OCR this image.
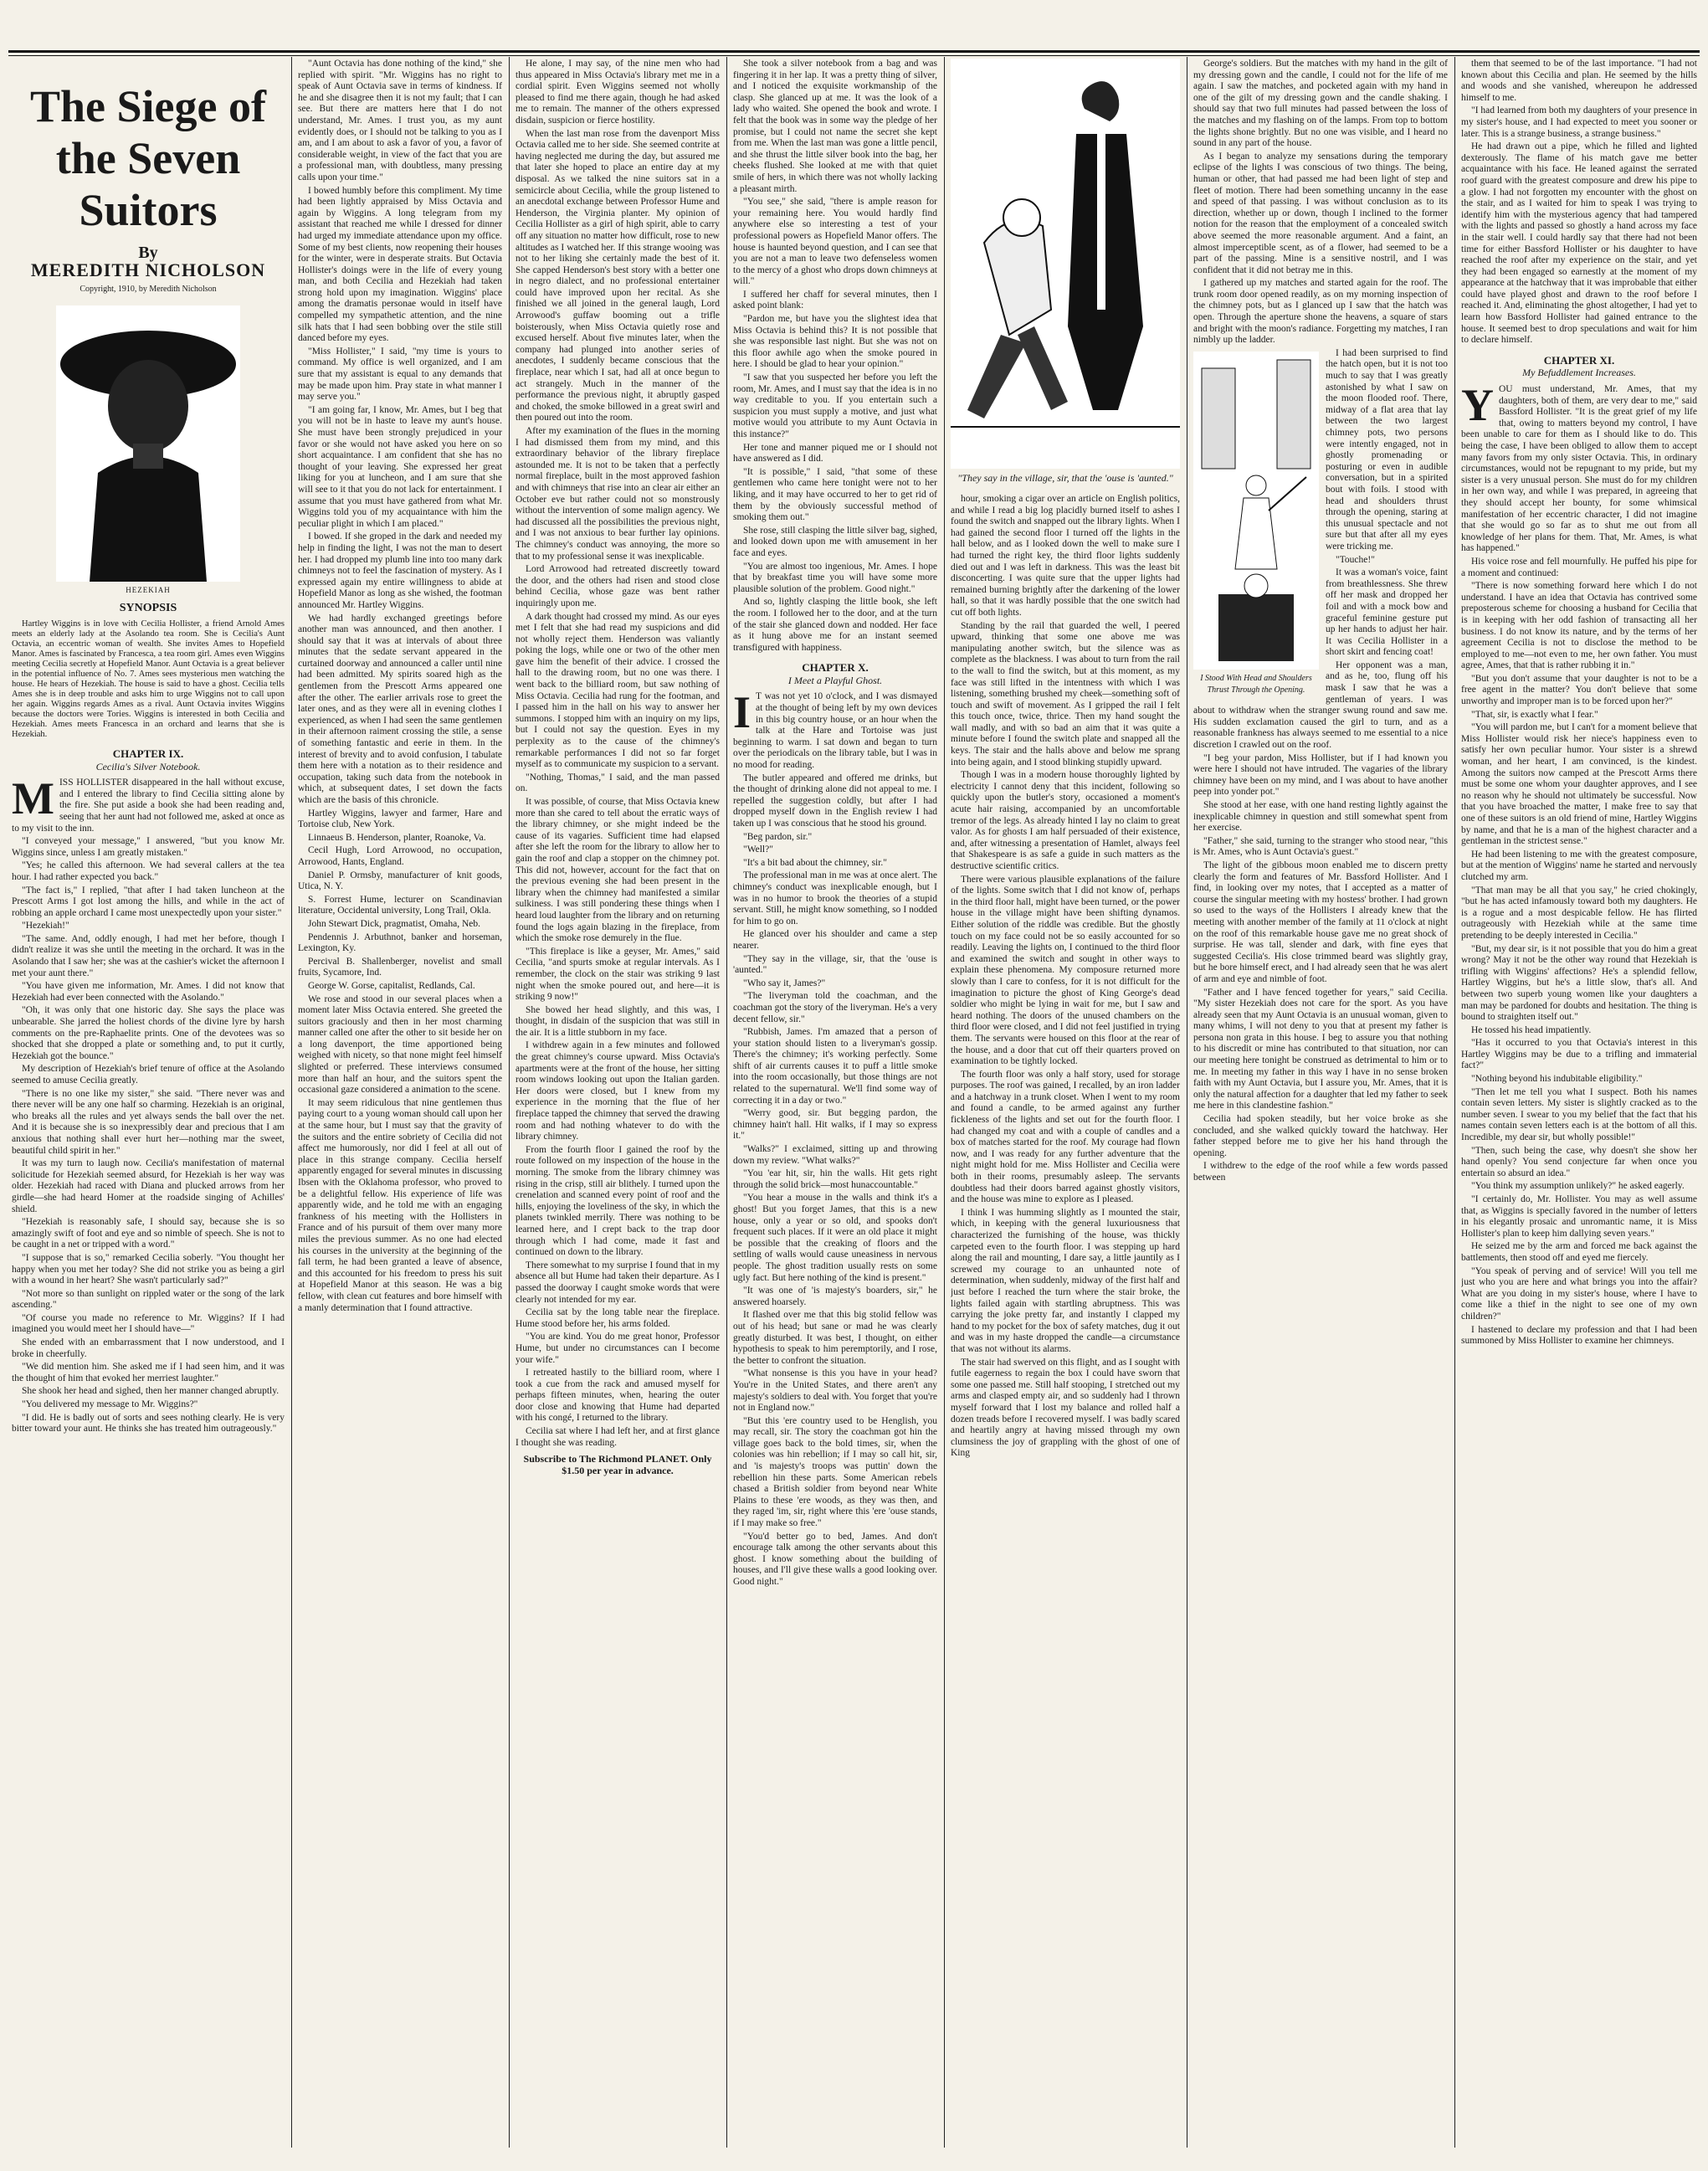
The Siege of the Seven Suitors
By
MEREDITH NICHOLSON
Copyright, 1910, by Meredith Nicholson
HEZEKIAH
SYNOPSIS

Hartley Wiggins is in love with Cecilia Hollister, a friend Arnold Ames meets an elderly lady at the Asolando tea room. She is Cecilia's Aunt Octavia, an eccentric woman of wealth. She invites Ames to Hopefield Manor. Ames is fascinated by Francesca, a tea room girl. Ames even Wiggins meeting Cecilia secretly at Hopefield Manor. Aunt Octavia is a great believer in the potential influence of No. 7. Ames sees mysterious men watching the house. He hears of Hezekiah. The house is said to have a ghost. Cecilia tells Ames she is in deep trouble and asks him to urge Wiggins not to call upon her again. Wiggins regards Ames as a rival. Aunt Octavia invites Wiggins because the doctors were Tories. Wiggins is interested in both Cecilia and Hezekiah. Ames meets Francesca in an orchard and learns that she is Hezekiah.

CHAPTER IX.
Cecilia's Silver Notebook.
M ISS HOLLISTER disappeared in the hall without excuse, and I entered the library to find Cecilia sitting alone by the fire. She put aside a book she had been reading and, seeing that her aunt had not followed me, asked at once as to my visit to the inn.

"I conveyed your message," I answered, "but you know Mr. Wiggins since, unless I am greatly mistaken."

"Yes; he called this afternoon. We had several callers at the tea hour. I had rather expected you back."

"The fact is," I replied, "that after I had taken luncheon at the Prescott Arms I got lost among the hills, and while in the act of robbing an apple orchard I came most unexpectedly upon your sister."

"Hezekiah!"

"The same. And, oddly enough, I had met her before, though I didn't realize it was she until the meeting in the orchard. It was in the Asolando that I saw her; she was at the cashier's wicket the afternoon I met your aunt there."

"You have given me information, Mr. Ames. I did not know that Hezekiah had ever been connected with the Asolando."

"Oh, it was only that one historic day. She says the place was unbearable. She jarred the holiest chords of the divine lyre by harsh comments on the pre-Raphaelite prints. One of the devotees was so shocked that she dropped a plate or something and, to put it curtly, Hezekiah got the bounce."

My description of Hezekiah's brief tenure of office at the Asolando seemed to amuse Cecilia greatly.

"There is no one like my sister," she said. "There never was and there never will be any one half so charming. Hezekiah is an original, who breaks all the rules and yet always sends the ball over the net. And it is because she is so inexpressibly dear and precious that I am anxious that nothing shall ever hurt her—nothing mar the sweet, beautiful child spirit in her."

It was my turn to laugh now. Cecilia's manifestation of maternal solicitude for Hezekiah seemed absurd, for Hezekiah is her way was older. Hezekiah had raced with Diana and plucked arrows from her girdle—she had heard Homer at the roadside singing of Achilles' shield.

"Hezekiah is reasonably safe, I should say, because she is so amazingly swift of foot and eye and so nimble of speech. She is not to be caught in a net or tripped with a word."

"I suppose that is so," remarked Cecilia soberly. "You thought her happy when you met her today? She did not strike you as being a girl with a wound in her heart? She wasn't particularly sad?"

"Not more so than sunlight on rippled water or the song of the lark ascending."

"Of course you made no reference to Mr. Wiggins? If I had imagined you would meet her I should have—"

She ended with an embarrassment that I now understood, and I broke in cheerfully.

"We did mention him. She asked me if I had seen him, and it was the thought of him that evoked her merriest laughter."

She shook her head and sighed, then her manner changed abruptly.

"You delivered my message to Mr. Wiggins?"

"I did. He is badly out of sorts and sees nothing clearly. He is very bitter toward your aunt. He thinks she has treated him outrageously."

"Aunt Octavia has done nothing of the kind," she replied with spirit. "Mr. Wiggins has no right to speak of Aunt Octavia save in terms of kindness. If he and she disagree then it is not my fault; that I can see. But there are matters here that I do not understand, Mr. Ames. I trust you, as my aunt evidently does, or I should not be talking to you as I am, and I am about to ask a favor of you, a favor of considerable weight, in view of the fact that you are a professional man, with doubtless, many pressing calls upon your time."

I bowed humbly before this compliment. My time had been lightly appraised by Miss Octavia and again by Wiggins. A long telegram from my assistant that reached me while I dressed for dinner had urged my immediate attendance upon my office. Some of my best clients, now reopening their houses for the winter, were in desperate straits. But Octavia Hollister's doings were in the life of every young man, and both Cecilia and Hezekiah had taken strong hold upon my imagination. Wiggins' place among the dramatis personae would in itself have compelled my sympathetic attention, and the nine silk hats that I had seen bobbing over the stile still danced before my eyes.

"Miss Hollister," I said, "my time is yours to command. My office is well organized, and I am sure that my assistant is equal to any demands that may be made upon him. Pray state in what manner I may serve you."

"I am going far, I know, Mr. Ames, but I beg that you will not be in haste to leave my aunt's house. She must have been strongly prejudiced in your favor or she would not have asked you here on so short acquaintance. I am confident that she has no thought of your leaving. She expressed her great liking for you at luncheon, and I am sure that she will see to it that you do not lack for entertainment. I assume that you must have gathered from what Mr. Wiggins told you of my acquaintance with him the peculiar plight in which I am placed."

I bowed. If she groped in the dark and needed my help in finding the light, I was not the man to desert her. I had dropped my plumb line into too many dark chimneys not to feel the fascination of mystery. As I expressed again my entire willingness to abide at Hopefield Manor as long as she wished, the footman announced Mr. Hartley Wiggins.

We had hardly exchanged greetings before another man was announced, and then another. I should say that it was at intervals of about three minutes that the sedate servant appeared in the curtained doorway and announced a caller until nine had been admitted. My spirits soared high as the gentlemen from the Prescott Arms appeared one after the other. The earlier arrivals rose to greet the later ones, and as they were all in evening clothes I experienced, as when I had seen the same gentlemen in their afternoon raiment crossing the stile, a sense of something fantastic and eerie in them. In the interest of brevity and to avoid confusion, I tabulate them here with a notation as to their residence and occupation, taking such data from the notebook in which, at subsequent dates, I set down the facts which are the basis of this chronicle.

Hartley Wiggins, lawyer and farmer, Hare and Tortoise club, New York.

Linnaeus B. Henderson, planter, Roanoke, Va.

Cecil Hugh, Lord Arrowood, no occupation, Arrowood, Hants, England.

Daniel P. Ormsby, manufacturer of knit goods, Utica, N. Y.

S. Forrest Hume, lecturer on Scandinavian literature, Occidental university, Long Trail, Okla.

John Stewart Dick, pragmatist, Omaha, Neb.

Pendennis J. Arbuthnot, banker and horseman, Lexington, Ky.

Percival B. Shallenberger, novelist and small fruits, Sycamore, Ind.

George W. Gorse, capitalist, Redlands, Cal.

We rose and stood in our several places when a moment later Miss Octavia entered. She greeted the suitors graciously and then in her most charming manner called one after the other to sit beside her on a long davenport, the time apportioned being weighed with nicety, so that none might feel himself slighted or preferred. These interviews consumed more than half an hour, and the suitors spent the occasional gaze considered a animation to the scene.

It may seem ridiculous that nine gentlemen thus paying court to a young woman should call upon her at the same hour, but I must say that the gravity of the suitors and the entire sobriety of Cecilia did not affect me humorously, nor did I feel at all out of place in this strange company. Cecilia herself apparently engaged for several minutes in discussing Ibsen with the Oklahoma professor, who proved to be a delightful fellow. His experience of life was apparently wide, and he told me with an engaging frankness of his meeting with the Hollisters in France and of his pursuit of them over many more miles the previous summer. As no one had elected his courses in the university at the beginning of the fall term, he had been granted a leave of absence, and this accounted for his freedom to press his suit at Hopefield Manor at this season. He was a big fellow, with clean cut features and bore himself with a manly determination that I found attractive.

He alone, I may say, of the nine men who had thus appeared in Miss Octavia's library met me in a cordial spirit. Even Wiggins seemed not wholly pleased to find me there again, though he had asked me to remain. The manner of the others expressed disdain, suspicion or fierce hostility.

When the last man rose from the davenport Miss Octavia called me to her side. She seemed contrite at having neglected me during the day, but assured me that later she hoped to place an entire day at my disposal. As we talked the nine suitors sat in a semicircle about Cecilia, while the group listened to an anecdotal exchange between Professor Hume and Henderson, the Virginia planter. My opinion of Cecilia Hollister as a girl of high spirit, able to carry off any situation no matter how difficult, rose to new altitudes as I watched her. If this strange wooing was not to her liking she certainly made the best of it. She capped Henderson's best story with a better one in negro dialect, and no professional entertainer could have improved upon her recital. As she finished we all joined in the general laugh, Lord Arrowood's guffaw booming out a trifle boisterously, when Miss Octavia quietly rose and excused herself. About five minutes later, when the company had plunged into another series of anecdotes, I suddenly became conscious that the fireplace, near which I sat, had all at once begun to act strangely. Much in the manner of the performance the previous night, it abruptly gasped and choked, the smoke billowed in a great swirl and then poured out into the room.

After my examination of the flues in the morning I had dismissed them from my mind, and this extraordinary behavior of the library fireplace astounded me. It is not to be taken that a perfectly normal fireplace, built in the most approved fashion and with chimneys that rise into an clear air either an October eve but rather could not so monstrously without the intervention of some malign agency. We had discussed all the possibilities the previous night, and I was not anxious to bear further lay opinions. The chimney's conduct was annoying, the more so that to my professional sense it was inexplicable.

Lord Arrowood had retreated discreetly toward the door, and the others had risen and stood close behind Cecilia, whose gaze was bent rather inquiringly upon me.

A dark thought had crossed my mind. As our eyes met I felt that she had read my suspicions and did not wholly reject them. Henderson was valiantly poking the logs, while one or two of the other men gave him the benefit of their advice. I crossed the hall to the drawing room, but no one was there. I went back to the billiard room, but saw nothing of Miss Octavia. Cecilia had rung for the footman, and I passed him in the hall on his way to answer her summons. I stopped him with an inquiry on my lips, but I could not say the question. Eyes in my perplexity as to the cause of the chimney's remarkable performances I did not so far forget myself as to communicate my suspicion to a servant.

"Nothing, Thomas," I said, and the man passed on.

It was possible, of course, that Miss Octavia knew more than she cared to tell about the erratic ways of the library chimney, or she might indeed be the cause of its vagaries. Sufficient time had elapsed after she left the room for the library to allow her to gain the roof and clap a stopper on the chimney pot. This did not, however, account for the fact that on the previous evening she had been present in the library when the chimney had manifested a similar sulkiness. I was still pondering these things when I heard loud laughter from the library and on returning found the logs again blazing in the fireplace, from which the smoke rose demurely in the flue.

"This fireplace is like a geyser, Mr. Ames," said Cecilia, "and spurts smoke at regular intervals. As I remember, the clock on the stair was striking 9 last night when the smoke poured out, and here—it is striking 9 now!"

She bowed her head slightly, and this was, I thought, in disdain of the suspicion that was still in the air. It is a little stubborn in my face.

I withdrew again in a few minutes and followed the great chimney's course upward. Miss Octavia's apartments were at the front of the house, her sitting room windows looking out upon the Italian garden. Her doors were closed, but I knew from my experience in the morning that the flue of her fireplace tapped the chimney that served the drawing room and had nothing whatever to do with the library chimney.

From the fourth floor I gained the roof by the route followed on my inspection of the house in the morning. The smoke from the library chimney was rising in the crisp, still air blithely. I turned upon the crenelation and scanned every point of roof and the hills, enjoying the loveliness of the sky, in which the planets twinkled merrily. There was nothing to be learned here, and I crept back to the trap door through which I had come, made it fast and continued on down to the library.

There somewhat to my surprise I found that in my absence all but Hume had taken their departure. As I passed the doorway I caught smoke words that were clearly not intended for my ear.

Cecilia sat by the long table near the fireplace. Hume stood before her, his arms folded.

"You are kind. You do me great honor, Professor Hume, but under no circumstances can I become your wife."

I retreated hastily to the billiard room, where I took a cue from the rack and amused myself for perhaps fifteen minutes, when, hearing the outer door close and knowing that Hume had departed with his congé, I returned to the library.

Cecilia sat where I had left her, and at first glance I thought she was reading.

Subscribe to The Richmond PLANET. Only $1.50 per year in advance.

She took a silver notebook from a bag and was fingering it in her lap. It was a pretty thing of silver, and I noticed the exquisite workmanship of the clasp. She glanced up at me. It was the look of a lady who waited. She opened the book and wrote. I felt that the book was in some way the pledge of her promise, but I could not name the secret she kept from me. When the last man was gone a little pencil, and she thrust the little silver book into the bag, her cheeks flushed. She looked at me with that quiet smile of hers, in which there was not wholly lacking a pleasant mirth.

"You see," she said, "there is ample reason for your remaining here. You would hardly find anywhere else so interesting a test of your professional powers as Hopefield Manor offers. The house is haunted beyond question, and I can see that you are not a man to leave two defenseless women to the mercy of a ghost who drops down chimneys at will."

I suffered her chaff for several minutes, then I asked point blank:

"Pardon me, but have you the slightest idea that Miss Octavia is behind this? It is not possible that she was responsible last night. But she was not on this floor awhile ago when the smoke poured in here. I should be glad to hear your opinion."

"I saw that you suspected her before you left the room, Mr. Ames, and I must say that the idea is in no way creditable to you. If you entertain such a suspicion you must supply a motive, and just what motive would you attribute to my Aunt Octavia in this instance?"

Her tone and manner piqued me or I should not have answered as I did.

"It is possible," I said, "that some of these gentlemen who came here tonight were not to her liking, and it may have occurred to her to get rid of them by the obviously successful method of smoking them out."

She rose, still clasping the little silver bag, sighed, and looked down upon me with amusement in her face and eyes.

"You are almost too ingenious, Mr. Ames. I hope that by breakfast time you will have some more plausible solution of the problem. Good night."

And so, lightly clasping the little book, she left the room. I followed her to the door, and at the turn of the stair she glanced down and nodded. Her face as it hung above me for an instant seemed transfigured with happiness.

CHAPTER X.
I Meet a Playful Ghost.
I T was not yet 10 o'clock, and I was dismayed at the thought of being left by my own devices in this big country house, or an hour when the talk at the Hare and Tortoise was just beginning to warm. I sat down and began to turn over the periodicals on the library table, but I was in no mood for reading.

The butler appeared and offered me drinks, but the thought of drinking alone did not appeal to me. I repelled the suggestion coldly, but after I had dropped myself down in the English review I had taken up I was conscious that he stood his ground.

"Beg pardon, sir."

"Well?"

"It's a bit bad about the chimney, sir."

The professional man in me was at once alert. The chimney's conduct was inexplicable enough, but I was in no humor to brook the theories of a stupid servant. Still, he might know something, so I nodded for him to go on.

He glanced over his shoulder and came a step nearer.

"They say in the village, sir, that the 'ouse is 'aunted."

"Who say it, James?"

"The liveryman told the coachman, and the coachman got the story of the liveryman. He's a very decent fellow, sir."

"Rubbish, James. I'm amazed that a person of your station should listen to a liveryman's gossip. There's the chimney; it's working perfectly. Some shift of air currents causes it to puff a little smoke into the room occasionally, but those things are not related to the supernatural. We'll find some way of correcting it in a day or two."

"Werry good, sir. But begging pardon, the chimney hain't hall. Hit walks, if I may so express it."

"Walks?" I exclaimed, sitting up and throwing down my review. "What walks?"

"You 'ear hit, sir, hin the walls. Hit gets right through the solid brick—most hunaccountable."

"You hear a mouse in the walls and think it's a ghost! But you forget James, that this is a new house, only a year or so old, and spooks don't frequent such places. If it were an old place it might be possible that the creaking of floors and the settling of walls would cause uneasiness in nervous people. The ghost tradition usually rests on some ugly fact. But here nothing of the kind is present."

"It was one of 'is majesty's boarders, sir," he answered hoarsely.

It flashed over me that this big stolid fellow was out of his head; but sane or mad he was clearly greatly disturbed. It was best, I thought, on either hypothesis to speak to him peremptorily, and I rose, the better to confront the situation.

"What nonsense is this you have in your head? You're in the United States, and there aren't any majesty's soldiers to deal with. You forget that you're not in England now."

"But this 'ere country used to be Henglish, you may recall, sir. The story the coachman got hin the village goes back to the bold times, sir, when the colonies was hin rebellion; if I may so call hit, sir, and 'is majesty's troops was puttin' down the rebellion hin these parts. Some American rebels chased a British soldier from beyond near White Plains to these 'ere woods, as they was then, and they raged 'im, sir, right where this 'ere 'ouse stands, if I may make so free."

"You'd better go to bed, James. And don't encourage talk among the other servants about this ghost. I know something about the building of houses, and I'll give these walls a good looking over. Good night."

"They say in the village, sir, that the 'ouse is 'aunted."

hour, smoking a cigar over an article on English politics, and while I read a big log placidly burned itself to ashes I found the switch and snapped out the library lights. When I had gained the second floor I turned off the lights in the hall below, and as I looked down the well to make sure I had turned the right key, the third floor lights suddenly died out and I was left in darkness. This was the least bit disconcerting. I was quite sure that the upper lights had remained burning brightly after the darkening of the lower hall, so that it was hardly possible that the one switch had cut off both lights.

Standing by the rail that guarded the well, I peered upward, thinking that some one above me was manipulating another switch, but the silence was as complete as the blackness. I was about to turn from the rail to the wall to find the switch, but at this moment, as my face was still lifted in the intentness with which I was listening, something brushed my cheek—something soft of touch and swift of movement. As I gripped the rail I felt this touch once, twice, thrice. Then my hand sought the wall madly, and with so bad an aim that it was quite a minute before I found the switch plate and snapped all the keys. The stair and the halls above and below me sprang into being again, and I stood blinking stupidly upward.

Though I was in a modern house thoroughly lighted by electricity I cannot deny that this incident, following so quickly upon the butler's story, occasioned a moment's acute hair raising, accompanied by an uncomfortable tremor of the legs. As already hinted I lay no claim to great valor. As for ghosts I am half persuaded of their existence, and, after witnessing a presentation of Hamlet, always feel that Shakespeare is as safe a guide in such matters as the destructive scientific critics.

There were various plausible explanations of the failure of the lights. Some switch that I did not know of, perhaps in the third floor hall, might have been turned, or the power house in the village might have been shifting dynamos. Either solution of the riddle was credible. But the ghostly touch on my face could not be so easily accounted for so readily. Leaving the lights on, I continued to the third floor and examined the switch and sought in other ways to explain these phenomena. My composure returned more slowly than I care to confess, for it is not difficult for the imagination to picture the ghost of King George's dead soldier who might be lying in wait for me, but I saw and heard nothing. The doors of the unused chambers on the third floor were closed, and I did not feel justified in trying them. The servants were housed on this floor at the rear of the house, and a door that cut off their quarters proved on examination to be tightly locked.

The fourth floor was only a half story, used for storage purposes. The roof was gained, I recalled, by an iron ladder and a hatchway in a trunk closet. When I went to my room and found a candle, to be armed against any further fickleness of the lights and set out for the fourth floor. I had changed my coat and with a couple of candles and a box of matches started for the roof. My courage had flown now, and I was ready for any further adventure that the night might hold for me. Miss Hollister and Cecilia were both in their rooms, presumably asleep. The servants doubtless had their doors barred against ghostly visitors, and the house was mine to explore as I pleased.

I think I was humming slightly as I mounted the stair, which, in keeping with the general luxuriousness that characterized the furnishing of the house, was thickly carpeted even to the fourth floor. I was stepping up hard along the rail and mounting, I dare say, a little jauntily as I screwed my courage to an unhaunted note of determination, when suddenly, midway of the first half and just before I reached the turn where the stair broke, the lights failed again with startling abruptness. This was carrying the joke pretty far, and instantly I clapped my hand to my pocket for the box of safety matches, dug it out and was in my haste dropped the candle—a circumstance that was not without its alarms.

The stair had swerved on this flight, and as I sought with futile eagerness to regain the box I could have sworn that some one passed me. Still half stooping, I stretched out my arms and clasped empty air, and so suddenly had I thrown myself forward that I lost my balance and rolled half a dozen treads before I recovered myself. I was badly scared and heartily angry at having missed through my own clumsiness the joy of grappling with the ghost of one of King

George's soldiers. But the matches with my hand in the gilt of my dressing gown and the candle, I could not for the life of me again. I saw the matches, and pocketed again with my hand in one of the gilt of my dressing gown and the candle shaking. I should say that two full minutes had passed between the loss of the matches and my flashing on of the lamps. From top to bottom the lights shone brightly. But no one was visible, and I heard no sound in any part of the house.

As I began to analyze my sensations during the temporary eclipse of the lights I was conscious of two things. The being, human or other, that had passed me had been light of step and fleet of motion. There had been something uncanny in the ease and speed of that passing. I was without conclusion as to its direction, whether up or down, though I inclined to the former notion for the reason that the employment of a concealed switch above seemed the more reasonable argument. And a faint, an almost imperceptible scent, as of a flower, had seemed to be a part of the passing. Mine is a sensitive nostril, and I was confident that it did not betray me in this.

I gathered up my matches and started again for the roof. The trunk room door opened readily, as on my morning inspection of the chimney pots, but as I glanced up I saw that the hatch was open. Through the aperture shone the heavens, a square of stars and bright with the moon's radiance. Forgetting my matches, I ran nimbly up the ladder.

I Stood With Head and Shoulders Thrust Through the Opening.

I had been surprised to find the hatch open, but it is not too much to say that I was greatly astonished by what I saw on the moon flooded roof. There, midway of a flat area that lay between the two largest chimney pots, two persons were intently engaged, not in ghostly promenading or posturing or even in audible conversation, but in a spirited bout with foils. I stood with head and shoulders thrust through the opening, staring at this unusual spectacle and not sure but that after all my eyes were tricking me.

"Touche!"

It was a woman's voice, faint from breathlessness. She threw off her mask and dropped her foil and with a mock bow and graceful feminine gesture put up her hands to adjust her hair. It was Cecilia Hollister in a short skirt and fencing coat!

Her opponent was a man, and as he, too, flung off his mask I saw that he was a gentleman of years. I was about to withdraw when the stranger swung round and saw me. His sudden exclamation caused the girl to turn, and as a reasonable frankness has always seemed to me essential to a nice discretion I crawled out on the roof.

"I beg your pardon, Miss Hollister, but if I had known you were here I should not have intruded. The vagaries of the library chimney have been on my mind, and I was about to have another peep into yonder pot."

She stood at her ease, with one hand resting lightly against the inexplicable chimney in question and still somewhat spent from her exercise.

"Father," she said, turning to the stranger who stood near, "this is Mr. Ames, who is Aunt Octavia's guest."

The light of the gibbous moon enabled me to discern pretty clearly the form and features of Mr. Bassford Hollister. And I find, in looking over my notes, that I accepted as a matter of course the singular meeting with my hostess' brother. I had grown so used to the ways of the Hollisters I already knew that the meeting with another member of the family at 11 o'clock at night on the roof of this remarkable house gave me no great shock of surprise. He was tall, slender and dark, with fine eyes that suggested Cecilia's. His close trimmed beard was slightly gray, but he bore himself erect, and I had already seen that he was alert of arm and eye and nimble of foot.

"Father and I have fenced together for years," said Cecilia. "My sister Hezekiah does not care for the sport. As you have already seen that my Aunt Octavia is an unusual woman, given to many whims, I will not deny to you that at present my father is persona non grata in this house. I beg to assure you that nothing to his discredit or mine has contributed to that situation, nor can our meeting here tonight be construed as detrimental to him or to me. In meeting my father in this way I have in no sense broken faith with my Aunt Octavia, but I assure you, Mr. Ames, that it is only the natural affection for a daughter that led my father to seek me here in this clandestine fashion."

Cecilia had spoken steadily, but her voice broke as she concluded, and she walked quickly toward the hatchway. Her father stepped before me to give her his hand through the opening.

I withdrew to the edge of the roof while a few words passed between

them that seemed to be of the last importance. "I had not known about this Cecilia and plan. He seemed by the hills and woods and she vanished, whereupon he addressed himself to me.

"I had learned from both my daughters of your presence in my sister's house, and I had expected to meet you sooner or later. This is a strange business, a strange business."

He had drawn out a pipe, which he filled and lighted dexterously. The flame of his match gave me better acquaintance with his face. He leaned against the serrated roof guard with the greatest composure and drew his pipe to a glow. I had not forgotten my encounter with the ghost on the stair, and as I waited for him to speak I was trying to identify him with the mysterious agency that had tampered with the lights and passed so ghostly a hand across my face in the stair well. I could hardly say that there had not been time for either Bassford Hollister or his daughter to have reached the roof after my experience on the stair, and yet they had been engaged so earnestly at the moment of my appearance at the hatchway that it was improbable that either could have played ghost and drawn to the roof before I reached it. And, eliminating the ghost altogether, I had yet to learn how Bassford Hollister had gained entrance to the house. It seemed best to drop speculations and wait for him to declare himself.

CHAPTER XI.
My Befuddlement Increases.
Y OU must understand, Mr. Ames, that my daughters, both of them, are very dear to me," said Bassford Hollister. "It is the great grief of my life that, owing to matters beyond my control, I have been unable to care for them as I should like to do. This being the case, I have been obliged to allow them to accept many favors from my only sister Octavia. This, in ordinary circumstances, would not be repugnant to my pride, but my sister is a very unusual person. She must do for my children in her own way, and while I was prepared, in agreeing that they should accept her bounty, for some whimsical manifestation of her eccentric character, I did not imagine that she would go so far as to shut me out from all knowledge of her plans for them. That, Mr. Ames, is what has happened."

His voice rose and fell mournfully. He puffed his pipe for a moment and continued:

"There is now something forward here which I do not understand. I have an idea that Octavia has contrived some preposterous scheme for choosing a husband for Cecilia that is in keeping with her odd fashion of transacting all her business. I do not know its nature, and by the terms of her agreement Cecilia is not to disclose the method to be employed to me—not even to me, her own father. You must agree, Ames, that that is rather rubbing it in."

"But you don't assume that your daughter is not to be a free agent in the matter? You don't believe that some unworthy and improper man is to be forced upon her?"

"That, sir, is exactly what I fear."

"You will pardon me, but I can't for a moment believe that Miss Hollister would risk her niece's happiness even to satisfy her own peculiar humor. Your sister is a shrewd woman, and her heart, I am convinced, is the kindest. Among the suitors now camped at the Prescott Arms there must be some one whom your daughter approves, and I see no reason why he should not ultimately be successful. Now that you have broached the matter, I make free to say that one of these suitors is an old friend of mine, Hartley Wiggins by name, and that he is a man of the highest character and a gentleman in the strictest sense."

He had been listening to me with the greatest composure, but at the mention of Wiggins' name he started and nervously clutched my arm.

"That man may be all that you say," he cried chokingly, "but he has acted infamously toward both my daughters. He is a rogue and a most despicable fellow. He has flirted outrageously with Hezekiah while at the same time pretending to be deeply interested in Cecilia."

"But, my dear sir, is it not possible that you do him a great wrong? May it not be the other way round that Hezekiah is trifling with Wiggins' affections? He's a splendid fellow, Hartley Wiggins, but he's a little slow, that's all. And between two superb young women like your daughters a man may be pardoned for doubts and hesitation. The thing is bound to straighten itself out."

He tossed his head impatiently.

"Has it occurred to you that Octavia's interest in this Hartley Wiggins may be due to a trifling and immaterial fact?"

"Nothing beyond his indubitable eligibility."

"Then let me tell you what I suspect. Both his names contain seven letters. My sister is slightly cracked as to the number seven. I swear to you my belief that the fact that his names contain seven letters each is at the bottom of all this. Incredible, my dear sir, but wholly possible!"

"Then, such being the case, why doesn't she show her hand openly? You send conjecture far when once you entertain so absurd an idea."

"You think my assumption unlikely?" he asked eagerly.

"I certainly do, Mr. Hollister. You may as well assume that, as Wiggins is specially favored in the number of letters in his elegantly prosaic and unromantic name, it is Miss Hollister's plan to keep him dallying seven years."

He seized me by the arm and forced me back against the battlements, then stood off and eyed me fiercely.

"You speak of perving and of service! Will you tell me just who you are here and what brings you into the affair? What are you doing in my sister's house, where I have to come like a thief in the night to see one of my own children?"

I hastened to declare my profession and that I had been summoned by Miss Hollister to examine her chimneys.
